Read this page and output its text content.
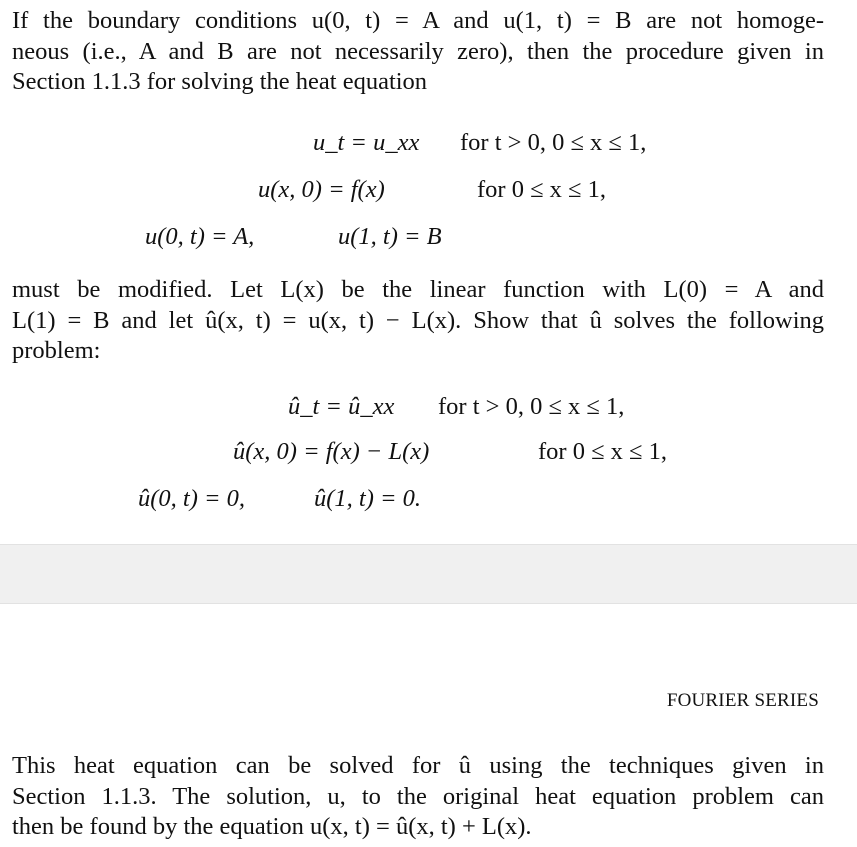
If the boundary conditions u(0, t) = A and u(1, t) = B are not homoge-
neous (i.e., A and B are not necessarily zero), then the procedure given in
Section 1.1.3 for solving the heat equation

u_t = u_xx for t > 0, 0 ≤ x ≤ 1,
u(x, 0) = f(x)	for 0 ≤ x ≤ 1,
u(0, t) = A,	u(1, t) = B

must be modified. Let L(x) be the linear function with L(0) = A and
L(1) = B and let û(x, t) = u(x, t) − L(x). Show that û solves the following
problem:

û_t = û_xx for t > 0, 0 ≤ x ≤ 1,
û(x, 0) = f(x) − L(x)	for 0 ≤ x ≤ 1,
û(0, t) = 0,	û(1, t) = 0.
FOURIER SERIES

This heat equation can be solved for û using the techniques given in
Section 1.1.3. The solution, u, to the original heat equation problem can
then be found by the equation u(x, t) = û(x, t) + L(x).
